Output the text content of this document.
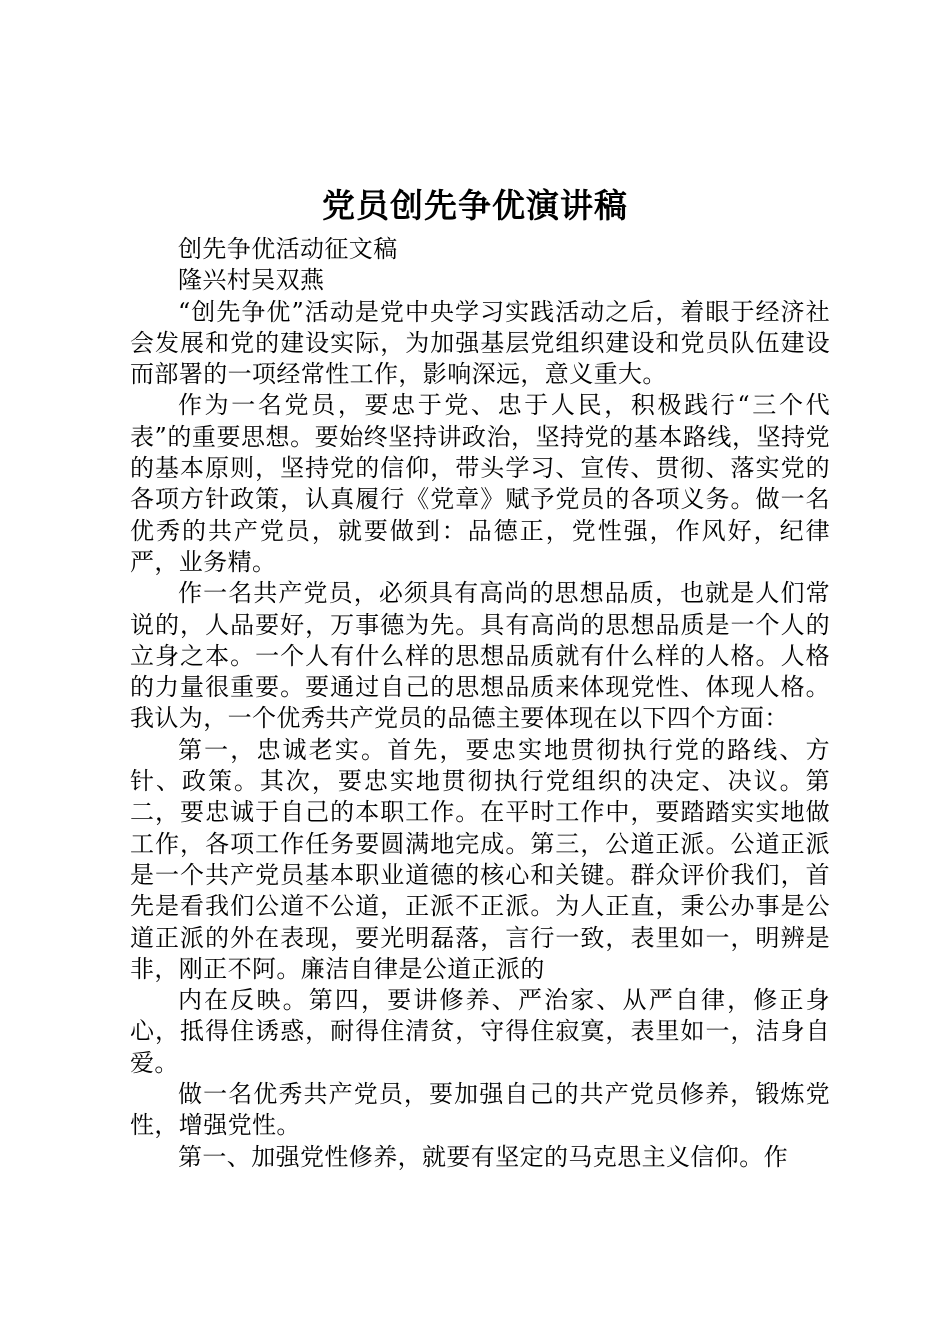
党员创先争优演讲稿

创先争优活动征文稿

隆兴村吴双燕

“创先争优”活动是党中央学习实践活动之后，着眼于经济社会发展和党的建设实际，为加强基层党组织建设和党员队伍建设而部署的一项经常性工作，影响深远，意义重大。

作为一名党员，要忠于党、忠于人民，积极践行“三个代表”的重要思想。要始终坚持讲政治，坚持党的基本路线，坚持党的基本原则，坚持党的信仰，带头学习、宣传、贯彻、落实党的各项方针政策，认真履行《党章》赋予党员的各项义务。做一名优秀的共产党员，就要做到：品德正，党性强，作风好，纪律严，业务精。

作一名共产党员，必须具有高尚的思想品质，也就是人们常说的，人品要好，万事德为先。具有高尚的思想品质是一个人的立身之本。一个人有什么样的思想品质就有什么样的人格。人格的力量很重要。要通过自己的思想品质来体现党性、体现人格。我认为，一个优秀共产党员的品德主要体现在以下四个方面：

第一，忠诚老实。首先，要忠实地贯彻执行党的路线、方针、政策。其次，要忠实地贯彻执行党组织的决定、决议。第二，要忠诚于自己的本职工作。在平时工作中，要踏踏实实地做工作，各项工作任务要圆满地完成。第三，公道正派。公道正派是一个共产党员基本职业道德的核心和关键。群众评价我们，首先是看我们公道不公道，正派不正派。为人正直，秉公办事是公道正派的外在表现，要光明磊落，言行一致，表里如一，明辨是非，刚正不阿。廉洁自律是公道正派的

内在反映。第四，要讲修养、严治家、从严自律，修正身心，抵得住诱惑，耐得住清贫，守得住寂寞，表里如一，洁身自爱。

做一名优秀共产党员，要加强自己的共产党员修养，锻炼党性，增强党性。

第一、加强党性修养，就要有坚定的马克思主义信仰。作
